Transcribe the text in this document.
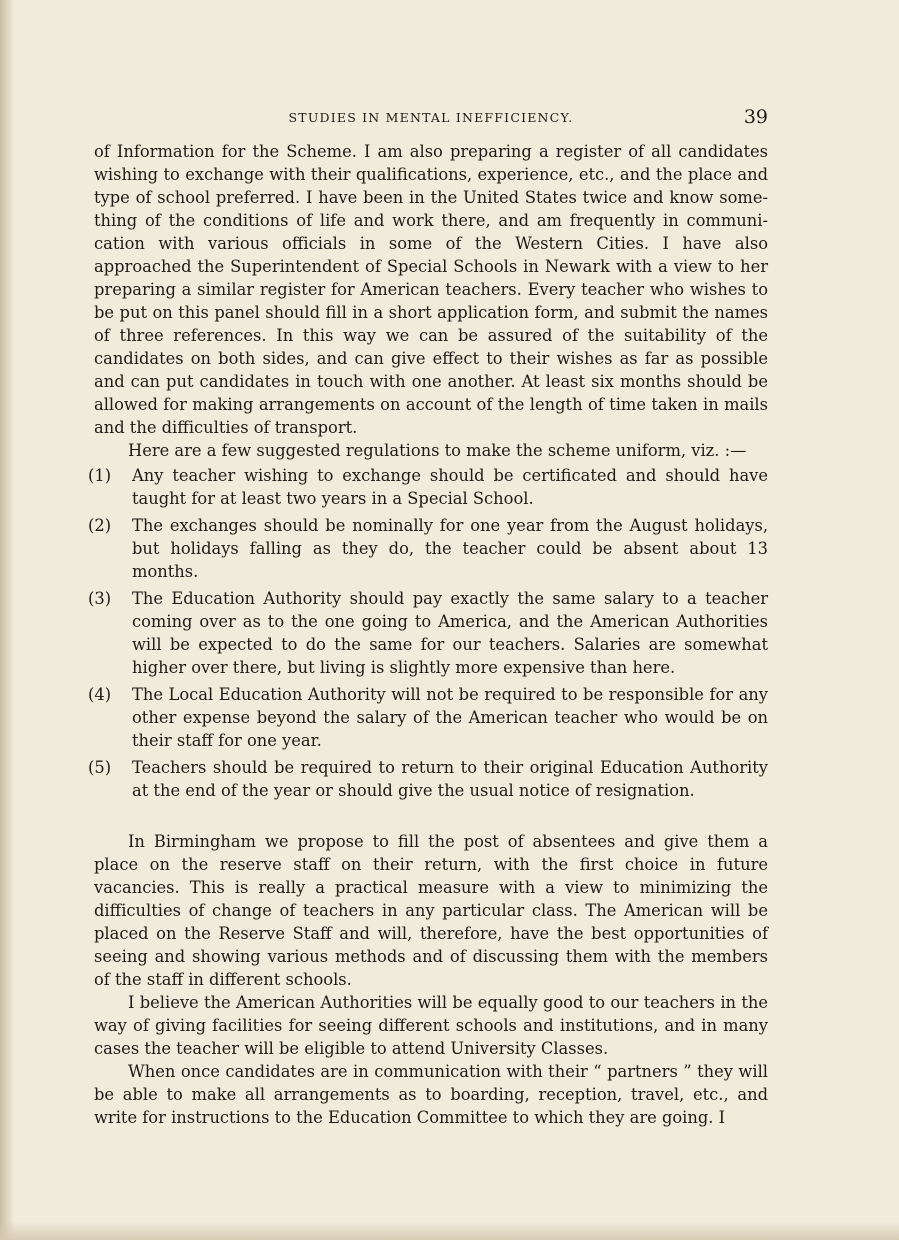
STUDIES IN MENTAL INEFFICIENCY.	39

of Information for the Scheme. I am also preparing a register of all candidates wishing to exchange with their qualifications, experience, etc., and the place and type of school preferred. I have been in the United States twice and know something of the conditions of life and work there, and am frequently in communication with various officials in some of the Western Cities. I have also approached the Superintendent of Special Schools in Newark with a view to her preparing a similar register for American teachers. Every teacher who wishes to be put on this panel should fill in a short application form, and submit the names of three references. In this way we can be assured of the suitability of the candidates on both sides, and can give effect to their wishes as far as possible and can put candidates in touch with one another. At least six months should be allowed for making arrangements on account of the length of time taken in mails and the difficulties of transport.

Here are a few suggested regulations to make the scheme uniform, viz. :—

(1) Any teacher wishing to exchange should be certificated and should have taught for at least two years in a Special School.
(2) The exchanges should be nominally for one year from the August holidays, but holidays falling as they do, the teacher could be absent about 13 months.
(3) The Education Authority should pay exactly the same salary to a teacher coming over as to the one going to America, and the American Authorities will be expected to do the same for our teachers. Salaries are somewhat higher over there, but living is slightly more expensive than here.
(4) The Local Education Authority will not be required to be responsible for any other expense beyond the salary of the American teacher who would be on their staff for one year.
(5) Teachers should be required to return to their original Education Authority at the end of the year or should give the usual notice of resignation.

In Birmingham we propose to fill the post of absentees and give them a place on the reserve staff on their return, with the first choice in future vacancies. This is really a practical measure with a view to minimizing the difficulties of change of teachers in any particular class. The American will be placed on the Reserve Staff and will, therefore, have the best opportunities of seeing and showing various methods and of discussing them with the members of the staff in different schools.

I believe the American Authorities will be equally good to our teachers in the way of giving facilities for seeing different schools and institutions, and in many cases the teacher will be eligible to attend University Classes.

When once candidates are in communication with their “ partners ” they will be able to make all arrangements as to boarding, reception, travel, etc., and write for instructions to the Education Committee to which they are going. I
